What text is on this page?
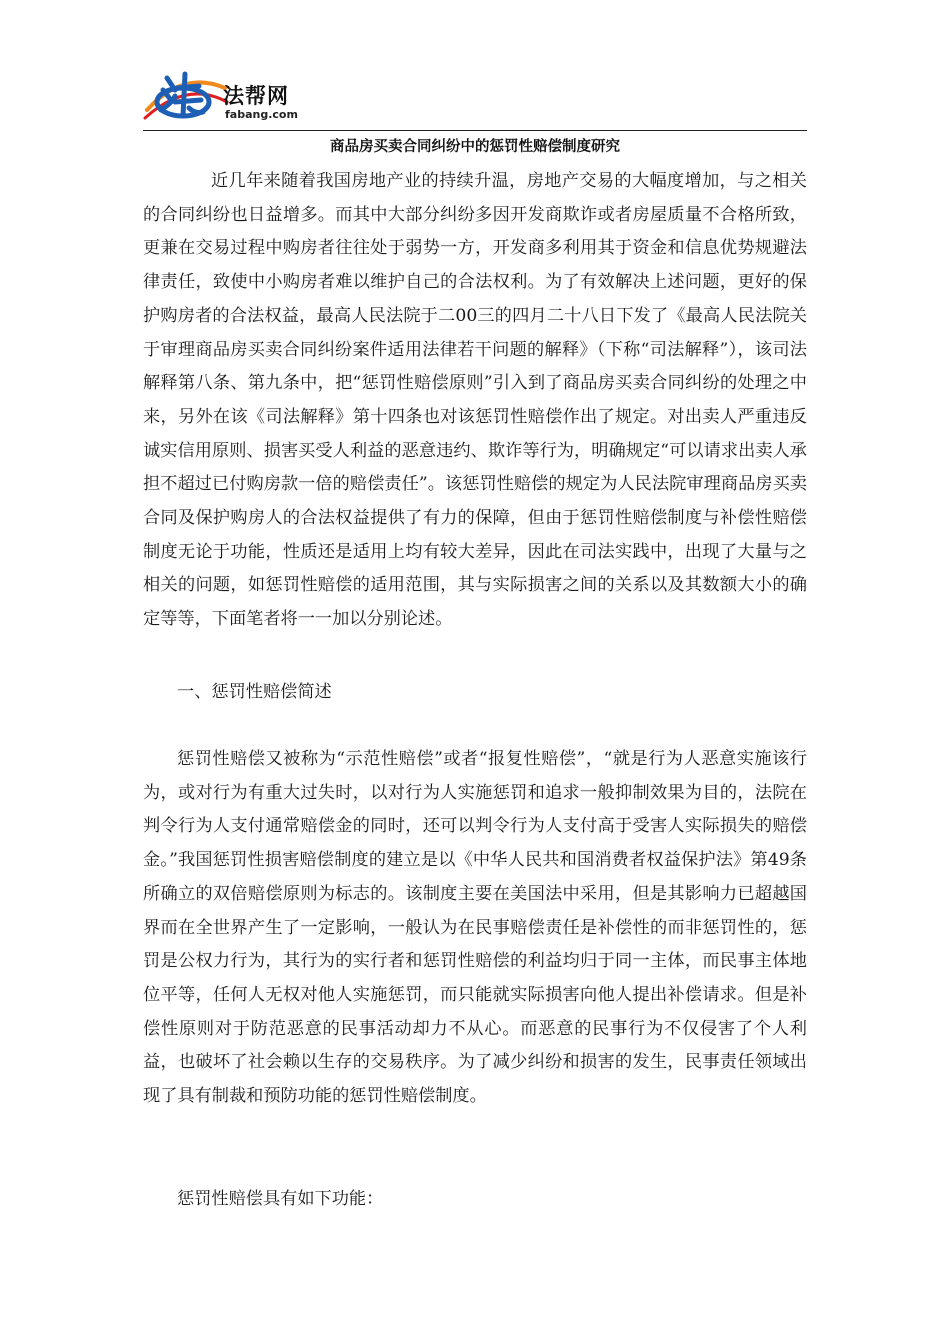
法帮网
fabang.com
商品房买卖合同纠纷中的惩罚性赔偿制度研究
近几年来随着我国房地产业的持续升温，房地产交易的大幅度增加，与之相关的合同纠纷也日益增多。而其中大部分纠纷多因开发商欺诈或者房屋质量不合格所致，更兼在交易过程中购房者往往处于弱势一方，开发商多利用其于资金和信息优势规避法律责任，致使中小购房者难以维护自己的合法权利。为了有效解决上述问题，更好的保护购房者的合法权益，最高人民法院于二00三的四月二十八日下发了《最高人民法院关于审理商品房买卖合同纠纷案件适用法律若干问题的解释》（下称“司法解释”），该司法解释第八条、第九条中，把“惩罚性赔偿原则”引入到了商品房买卖合同纠纷的处理之中来，另外在该《司法解释》第十四条也对该惩罚性赔偿作出了规定。对出卖人严重违反诚实信用原则、损害买受人利益的恶意违约、欺诈等行为，明确规定“可以请求出卖人承担不超过已付购房款一倍的赔偿责任”。该惩罚性赔偿的规定为人民法院审理商品房买卖合同及保护购房人的合法权益提供了有力的保障，但由于惩罚性赔偿制度与补偿性赔偿制度无论于功能，性质还是适用上均有较大差异，因此在司法实践中，出现了大量与之相关的问题，如惩罚性赔偿的适用范围，其与实际损害之间的关系以及其数额大小的确定等等，下面笔者将一一加以分别论述。
一、惩罚性赔偿简述
惩罚性赔偿又被称为“示范性赔偿”或者“报复性赔偿”，“就是行为人恶意实施该行为，或对行为有重大过失时，以对行为人实施惩罚和追求一般抑制效果为目的，法院在判令行为人支付通常赔偿金的同时，还可以判令行为人支付高于受害人实际损失的赔偿金。”我国惩罚性损害赔偿制度的建立是以《中华人民共和国消费者权益保护法》第49条所确立的双倍赔偿原则为标志的。该制度主要在美国法中采用，但是其影响力已超越国界而在全世界产生了一定影响，一般认为在民事赔偿责任是补偿性的而非惩罚性的，惩罚是公权力行为，其行为的实行者和惩罚性赔偿的利益均归于同一主体，而民事主体地位平等，任何人无权对他人实施惩罚，而只能就实际损害向他人提出补偿请求。但是补偿性原则对于防范恶意的民事活动却力不从心。而恶意的民事行为不仅侵害了个人利益，也破坏了社会赖以生存的交易秩序。为了减少纠纷和损害的发生，民事责任领域出现了具有制裁和预防功能的惩罚性赔偿制度。
惩罚性赔偿具有如下功能：
